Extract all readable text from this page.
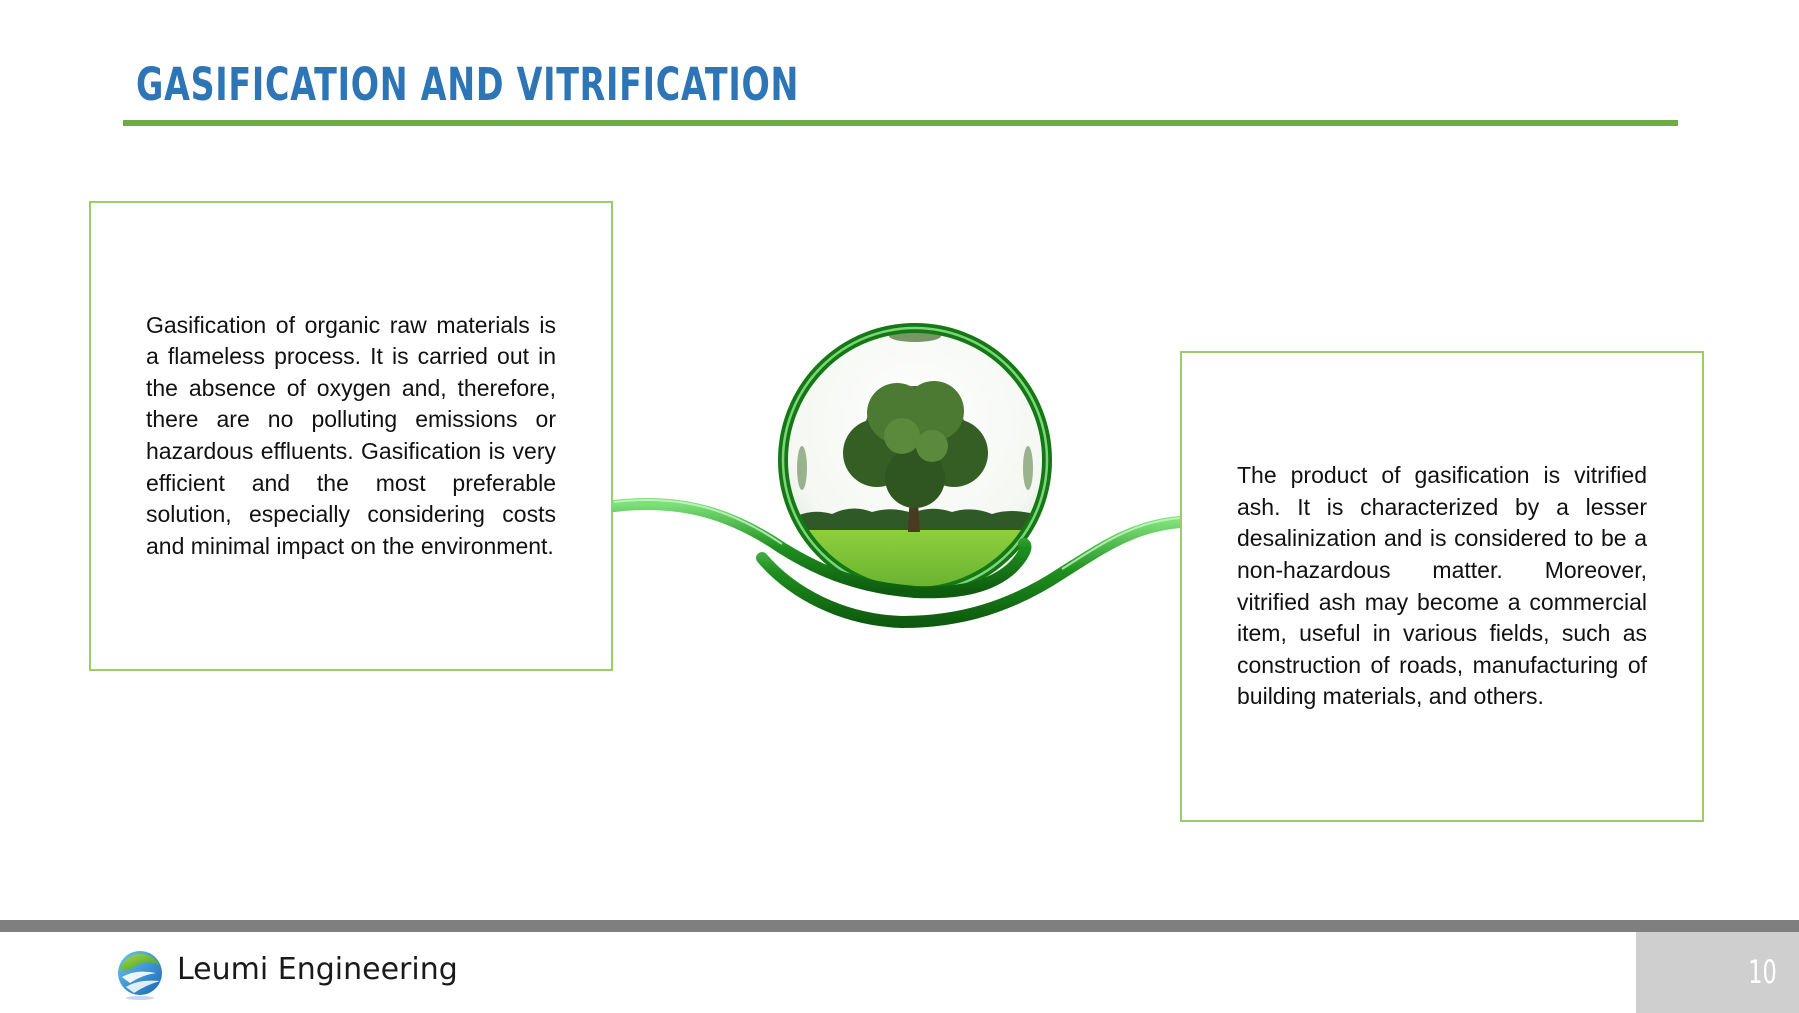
GASIFICATION AND VITRIFICATION

Gasification of organic raw materials is a flameless process. It is carried out in the absence of oxygen and, therefore, there are no polluting emissions or hazardous effluents. Gasification is very efficient and the most preferable solution, especially considering costs and minimal impact on the environment.

The product of gasification is vitrified ash. It is characterized by a lesser desalinization and is considered to be a non-hazardous matter. Moreover, vitrified ash may become a commercial item, useful in various fields, such as construction of roads, manufacturing of building materials, and others.

Leumi Engineering	10
